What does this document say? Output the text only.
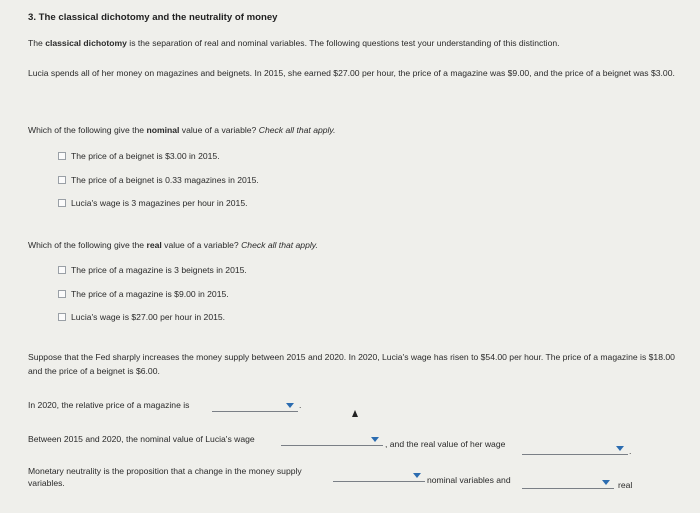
3. The classical dichotomy and the neutrality of money
The classical dichotomy is the separation of real and nominal variables. The following questions test your understanding of this distinction.
Lucia spends all of her money on magazines and beignets. In 2015, she earned $27.00 per hour, the price of a magazine was $9.00, and the price of a beignet was $3.00.
Which of the following give the nominal value of a variable? Check all that apply.
The price of a beignet is $3.00 in 2015.
The price of a beignet is 0.33 magazines in 2015.
Lucia's wage is 3 magazines per hour in 2015.
Which of the following give the real value of a variable? Check all that apply.
The price of a magazine is 3 beignets in 2015.
The price of a magazine is $9.00 in 2015.
Lucia's wage is $27.00 per hour in 2015.
Suppose that the Fed sharply increases the money supply between 2015 and 2020. In 2020, Lucia's wage has risen to $54.00 per hour. The price of a magazine is $18.00 and the price of a beignet is $6.00.
In 2020, the relative price of a magazine is	.
Between 2015 and 2020, the nominal value of Lucia's wage	, and the real value of her wage
.
Monetary neutrality is the proposition that a change in the money supply
variables.	nominal variables and	real
